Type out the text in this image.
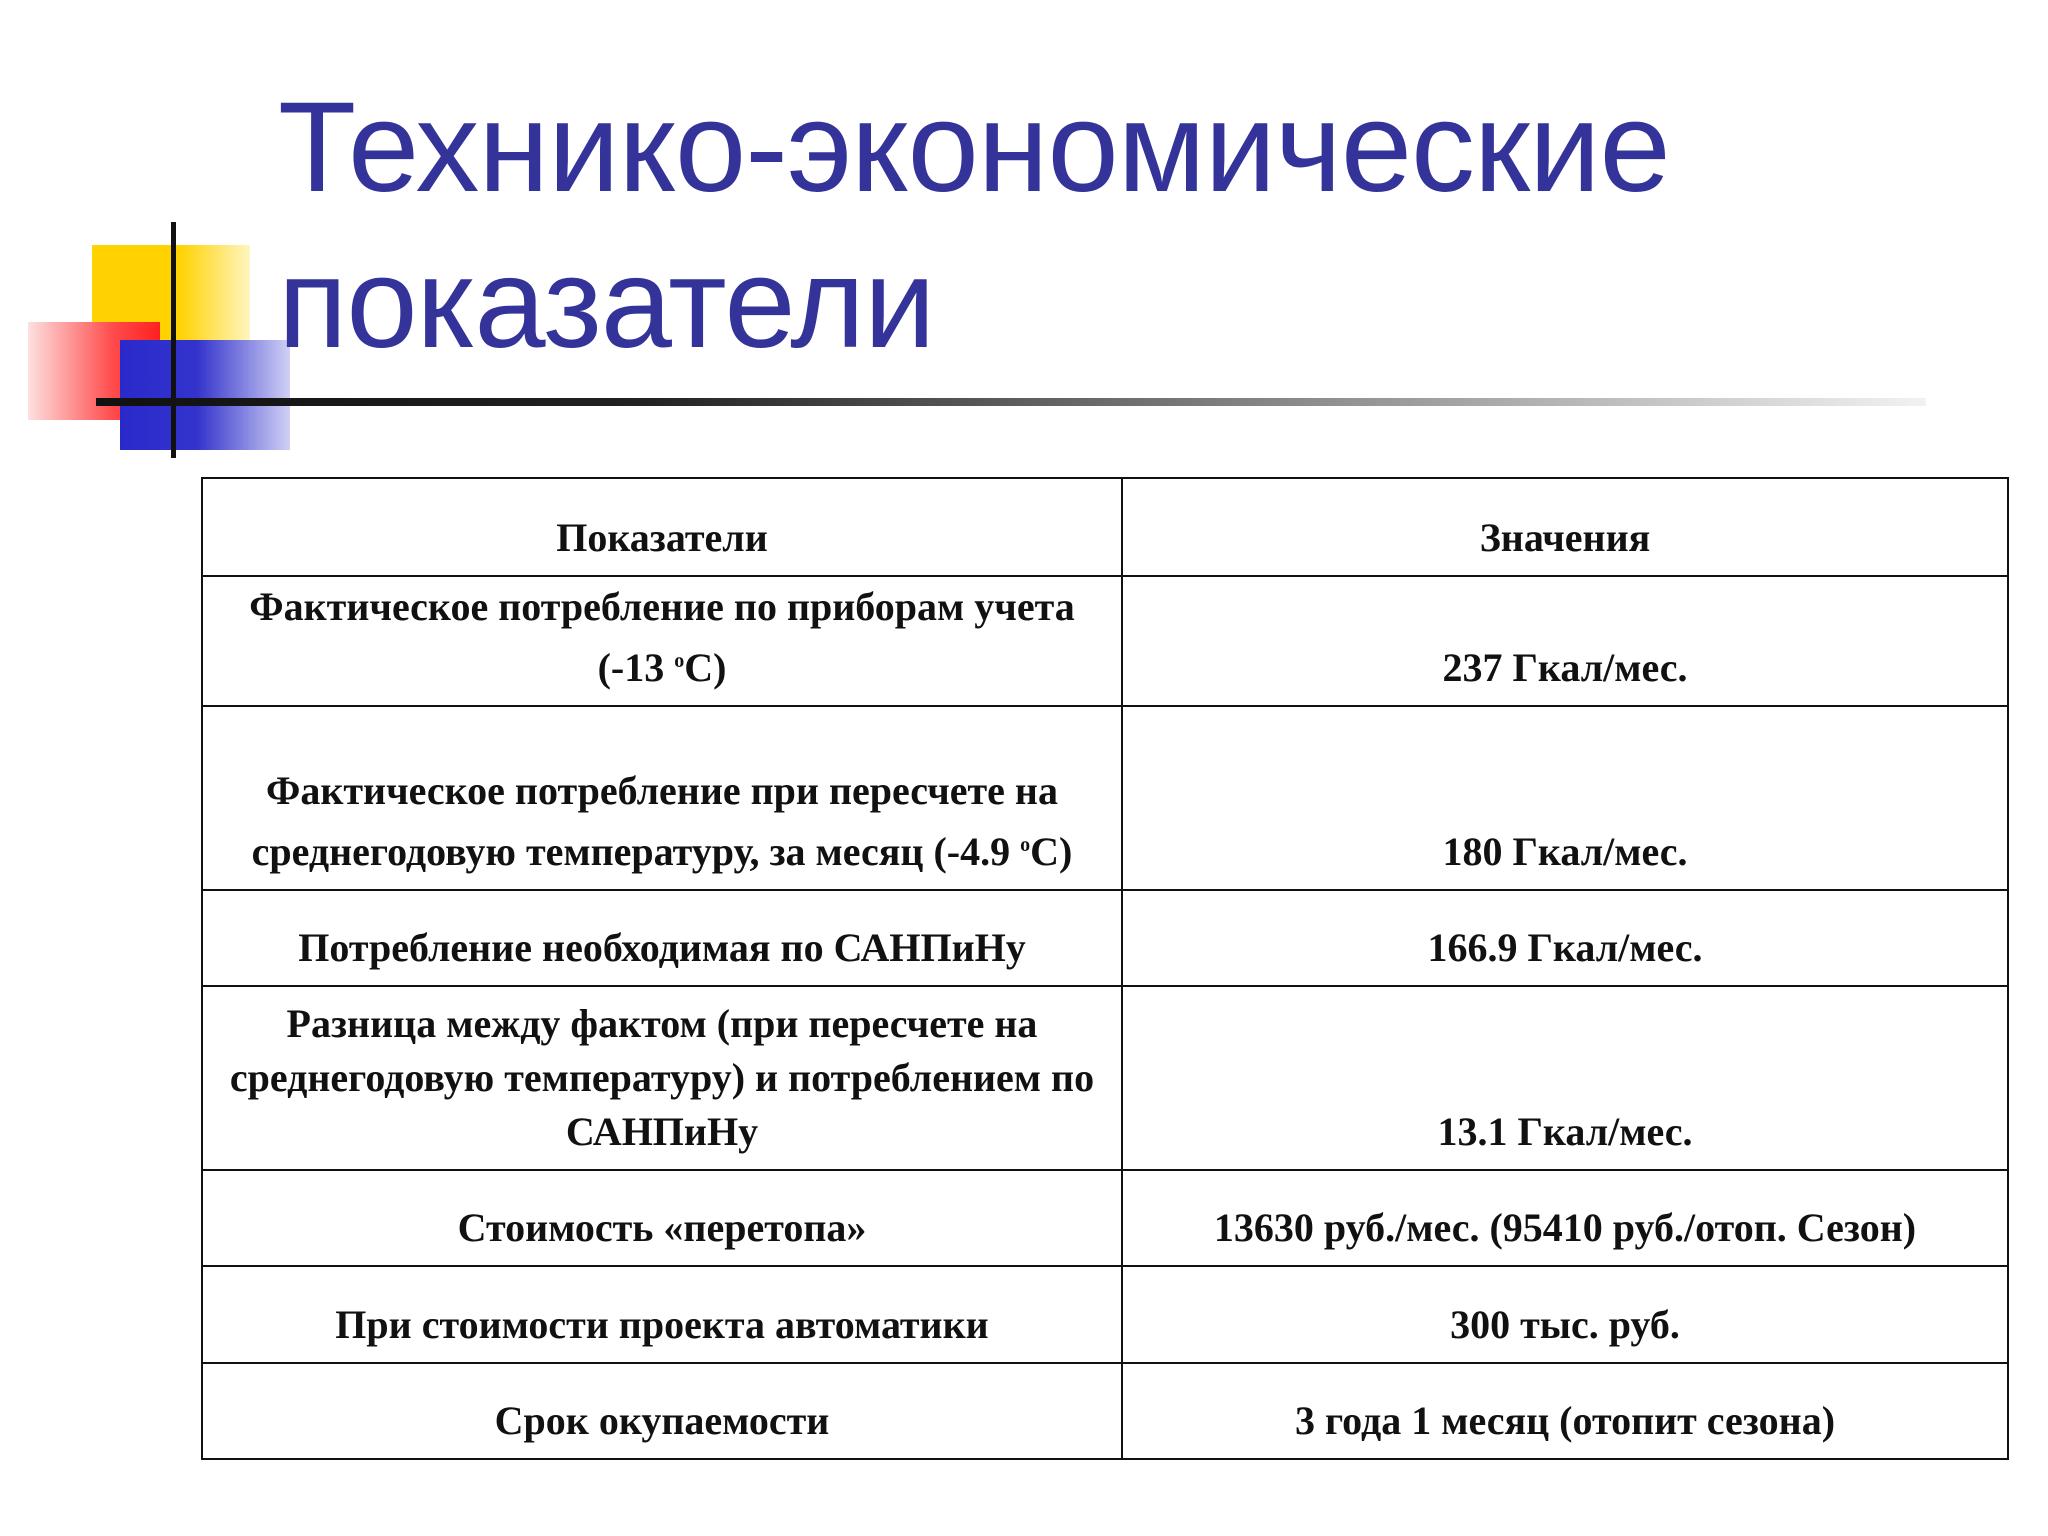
Технико-экономические
показатели
Показатели	Значения
Фактическое потребление по приборам учета (-13 $^o$С)	237 Гкал/мес.
Фактическое потребление при пересчете на среднегодовую температуру, за месяц (-4.9 $^o$С)	180 Гкал/мес.
Потребление необходимая по САНПиНу	166.9 Гкал/мес.
Разница между фактом (при пересчете на среднегодовую температуру) и потреблением по САНПиНу	13.1 Гкал/мес.
Стоимость «перетопа»	13630 руб./мес. (95410 руб./отоп. Сезон)
При стоимости проекта автоматики	300 тыс. руб.
Срок окупаемости	3 года 1 месяц (отопит сезона)
